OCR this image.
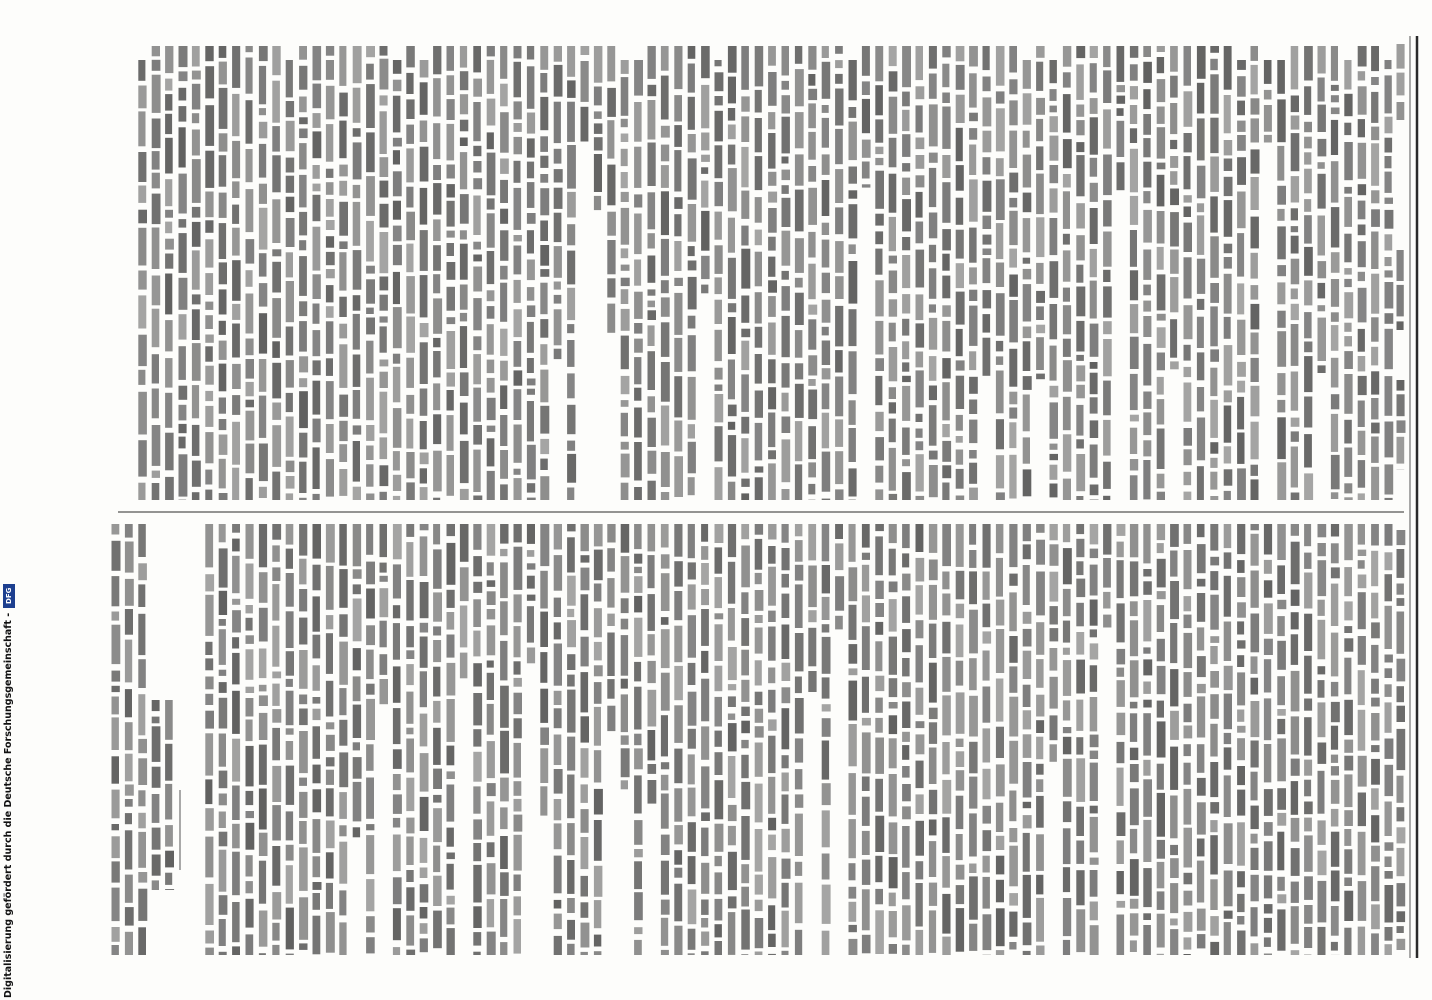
Digitalisierung gefördert durch die Deutsche Forschungsgemeinschaft -
DFG
